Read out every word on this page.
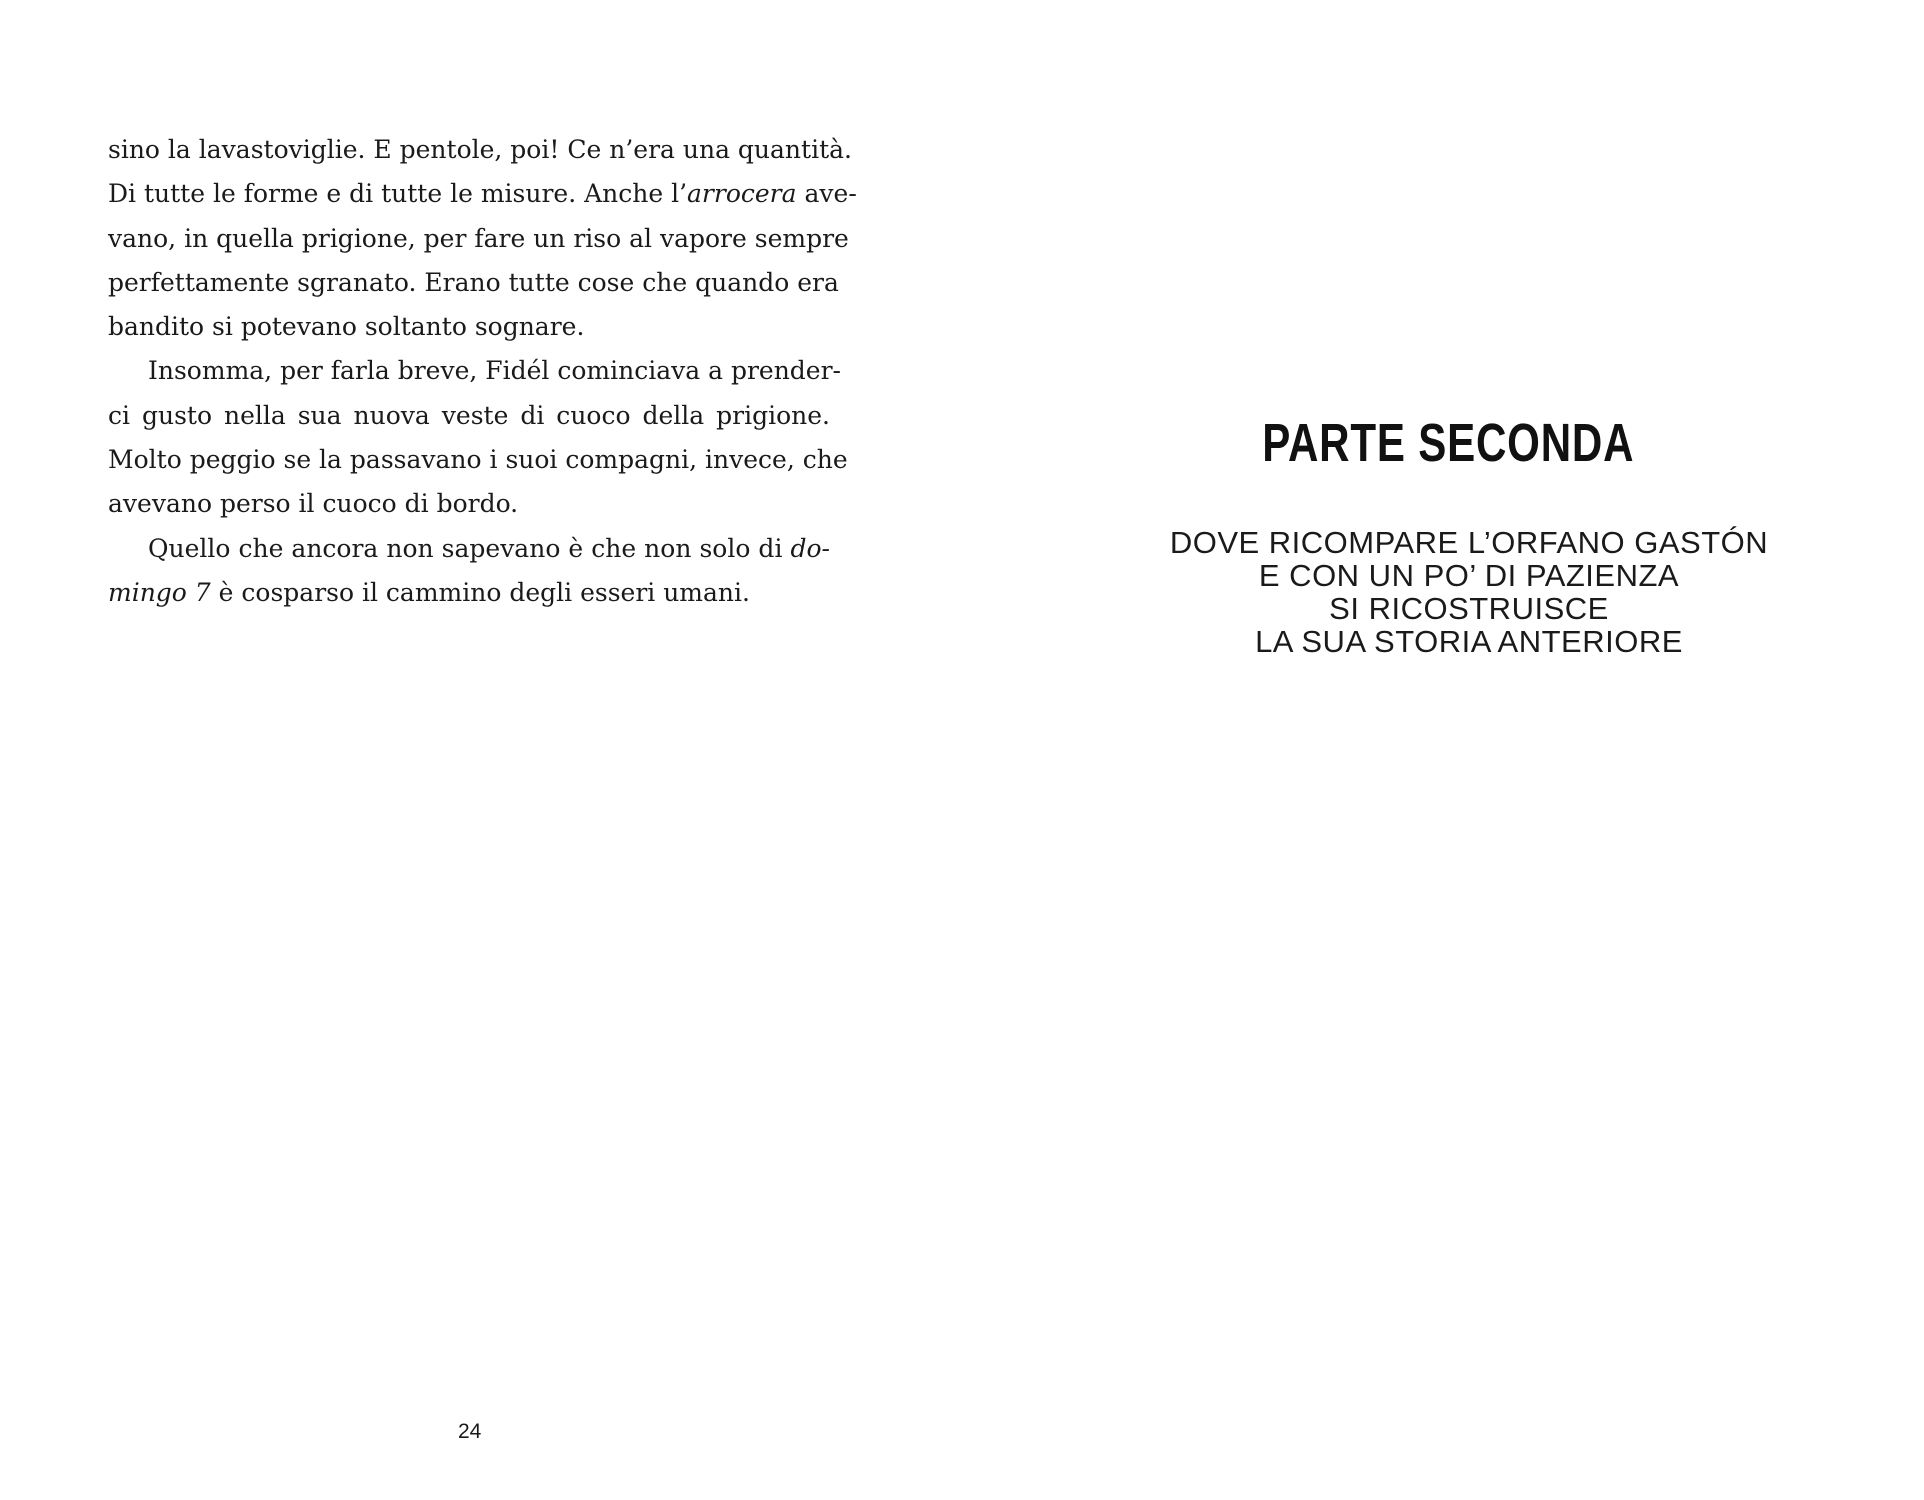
sino la lavastoviglie. E pentole, poi! Ce n’era una quantità.
Di tutte le forme e di tutte le misure. Anche l’arrocera ave-
vano, in quella prigione, per fare un riso al vapore sempre
perfettamente sgranato. Erano tutte cose che quando era
bandito si potevano soltanto sognare.
Insomma, per farla breve, Fidél cominciava a prender-
ci gusto nella sua nuova veste di cuoco della prigione.
Molto peggio se la passavano i suoi compagni, invece, che
avevano perso il cuoco di bordo.
Quello che ancora non sapevano è che non solo di do-
mingo 7 è cosparso il cammino degli esseri umani.
24
PARTE SECONDA
DOVE RICOMPARE L’ORFANO GASTÓN
E CON UN PO’ DI PAZIENZA
SI RICOSTRUISCE
LA SUA STORIA ANTERIORE
